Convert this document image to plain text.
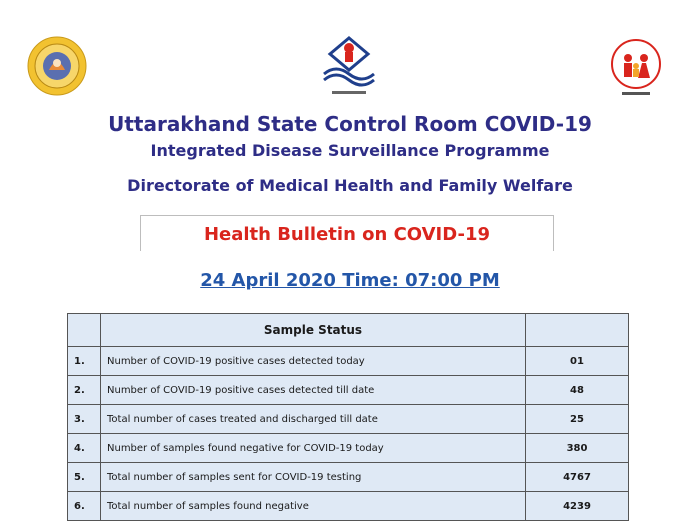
Uttarakhand State Control Room COVID-19
Integrated Disease Surveillance Programme
Directorate of Medical Health and Family Welfare
Health Bulletin on COVID-19
24 April 2020 Time: 07:00 PM
	Sample Status	
1.	Number of COVID-19 positive cases detected today	01
2.	Number of COVID-19 positive cases detected till date	48
3.	Total number of cases treated and discharged till date	25
4.	Number of samples found negative for COVID-19 today	380
5.	Total number of samples sent for COVID-19 testing	4767
6.	Total number of samples found negative	4239
